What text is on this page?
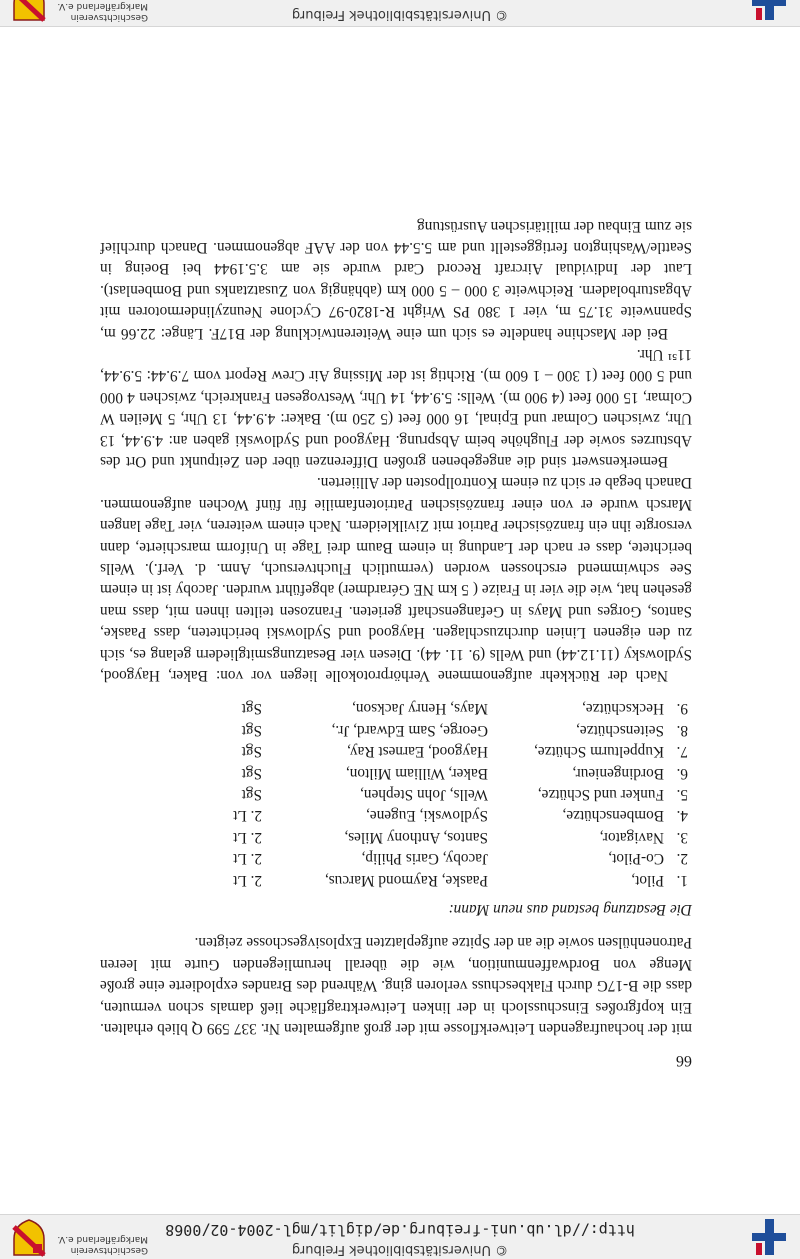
© Universitätsbibliothek Freiburg
http://dl.ub.uni-freiburg.de/diglit/mgl-2004-02/0068
Geschichtsverein Markgräflerland e.V.
66

mit der hochaufragenden Leitwerkflosse mit der groß aufgemalten Nr. 337 599 Q blieb erhalten. Ein kopfgroßes Einschussloch in der linken Leitwerktragfläche ließ damals schon vermuten, dass die B-17G durch Flakbeschuss verloren ging. Während des Brandes explodierte eine große Menge von Bordwaffenmunition, wie die überall herumliegenden Gurte mit leeren Patronenhülsen sowie die an der Spitze aufgeplatzten Explosivgeschosse zeigten.

Die Besatzung bestand aus neun Mann:
1.
Pilot,
Paaske, Raymond Marcus,
2. Lt
2.
Co-Pilot,
Jacoby, Garis Philip,
2. Lt
3.
Navigator,
Santos, Anthony Miles,
2. Lt
4.
Bombenschütze,
Sydlowski, Eugene,
2. Lt
5.
Funker und Schütze,
Wells, John Stephen,
Sgt
6.
Bordingenieur,
Baker, William Milton,
Sgt
7.
Kuppelturm Schütze,
Haygood, Earnest Ray,
Sgt
8.
Seitenschütze,
George, Sam Edward, Jr.,
Sgt
9.
Heckschütze,
Mays, Henry Jackson,
Sgt

Nach der Rückkehr aufgenommene Verhörprotokolle liegen vor von: Baker, Haygood, Sydlowsky (11.12.44) und Wells (9. 11. 44). Diesen vier Besatzungsmitgliedern gelang es, sich zu den eigenen Linien durchzuschlagen. Haygood und Sydlowski berichteten, dass Paaske, Santos, Gorges und Mays in Gefangenschaft gerieten. Franzosen teilten ihnen mit, dass man gesehen hat, wie die vier in Fraize ( 5 km NE Gérardmer) abgeführt wurden. Jacoby ist in einem See schwimmend erschossen worden (vermutlich Fluchtversuch, Anm. d. Verf.). Wells berichtete, dass er nach der Landung in einem Baum drei Tage in Uniform marschierte, dann versorgte ihn ein französischer Patriot mit Zivilkleidern. Nach einem weiteren, vier Tage langen Marsch wurde er von einer französischen Patriotenfamilie für fünf Wochen aufgenommen. Danach begab er sich zu einem Kontrollposten der Alliierten.

Bemerkenswert sind die angegebenen großen Differenzen über den Zeitpunkt und Ort des Absturzes sowie der Flughöhe beim Absprung. Haygood und Sydlowski gaben an: 4.9.44, 13 Uhr, zwischen Colmar und Epinal, 16 000 feet (5 250 m). Baker: 4.9.44, 13 Uhr, 5 Meilen W Colmar, 15 000 feet (4 900 m). Wells: 5.9.44, 14 Uhr, Westvogesen Frankreich, zwischen 4 000 und 5 000 feet (1 300 – 1 600 m). Richtig ist der Missing Air Crew Report vom 7.9.44: 5.9.44, 11⁵¹ Uhr.

Bei der Maschine handelte es sich um eine Weiterentwicklung der B17F. Länge: 22.66 m, Spannweite 31.75 m, vier 1 380 PS Wright R-1820-97 Cyclone Neunzylindermotoren mit Abgasturboladern. Reichweite 3 000 – 5 000 km (abhängig von Zusatztanks und Bombenlast). Laut der Individual Aircraft Record Card wurde sie am 3.5.1944 bei Boeing in Seattle/Washington fertiggestellt und am 5.5.44 von der AAF abgenommen. Danach durchlief sie zum Einbau der militärischen Ausrüstung

© Universitätsbibliothek Freiburg
Geschichtsverein Markgräflerland e.V.
